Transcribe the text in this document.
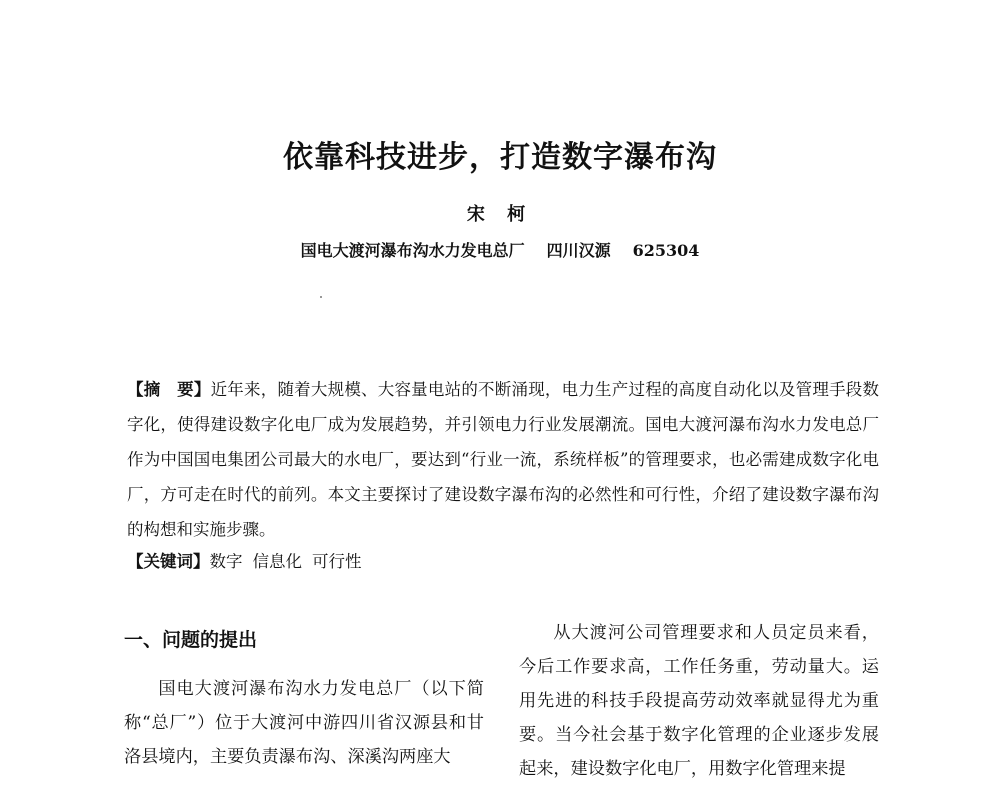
依靠科技进步，打造数字瀑布沟
宋 柯
国电大渡河瀑布沟水力发电总厂 四川汉源 625304
【摘　要】近年来，随着大规模、大容量电站的不断涌现，电力生产过程的高度自动化以及管理手段数字化，使得建设数字化电厂成为发展趋势，并引领电力行业发展潮流。国电大渡河瀑布沟水力发电总厂作为中国国电集团公司最大的水电厂，要达到“行业一流，系统样板”的管理要求，也必需建成数字化电厂，方可走在时代的前列。本文主要探讨了建设数字瀑布沟的必然性和可行性，介绍了建设数字瀑布沟的构想和实施步骤。
【关键词】数字 信息化 可行性
一、问题的提出

国电大渡河瀑布沟水力发电总厂（以下简称“总厂”）位于大渡河中游四川省汉源县和甘洛县境内，主要负责瀑布沟、深溪沟两座大

从大渡河公司管理要求和人员定员来看，今后工作要求高，工作任务重，劳动量大。运用先进的科技手段提高劳动效率就显得尤为重要。当今社会基于数字化管理的企业逐步发展起来，建设数字化电厂，用数字化管理来提
